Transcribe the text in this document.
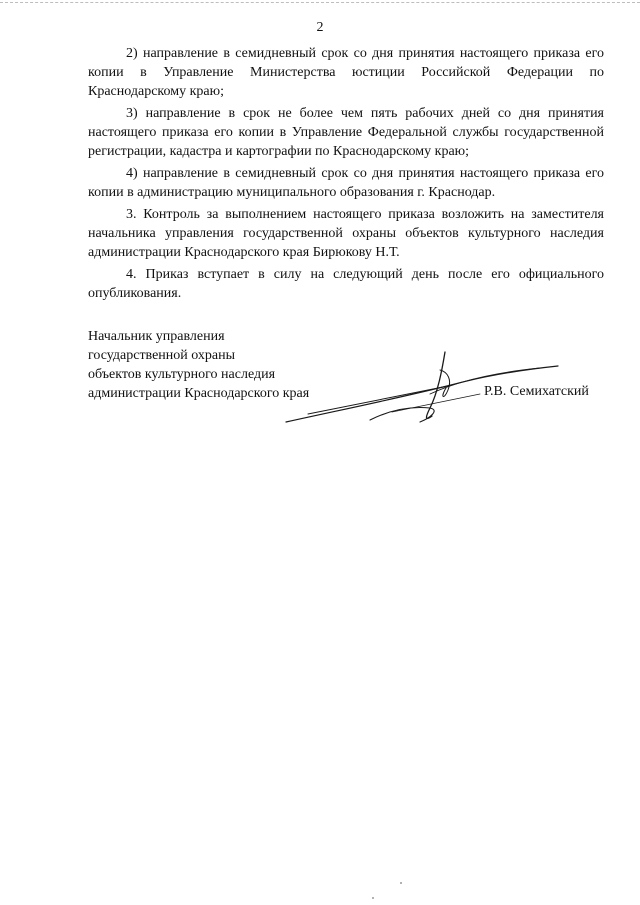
2

2) направление в семидневный срок со дня принятия настоящего приказа его копии в Управление Министерства юстиции Российской Федерации по Краснодарскому краю;

3) направление в срок не более чем пять рабочих дней со дня принятия настоящего приказа его копии в Управление Федеральной службы государственной регистрации, кадастра и картографии по Краснодарскому краю;

4) направление в семидневный срок со дня принятия настоящего приказа его копии в администрацию муниципального образования г. Краснодар.

3. Контроль за выполнением настоящего приказа возложить на заместителя начальника управления государственной охраны объектов культурного наследия администрации Краснодарского края Бирюкову Н.Т.

4. Приказ вступает в силу на следующий день после его официального опубликования.

Начальник управления
государственной охраны
объектов культурного наследия
администрации Краснодарского края	Р.В. Семихатский
